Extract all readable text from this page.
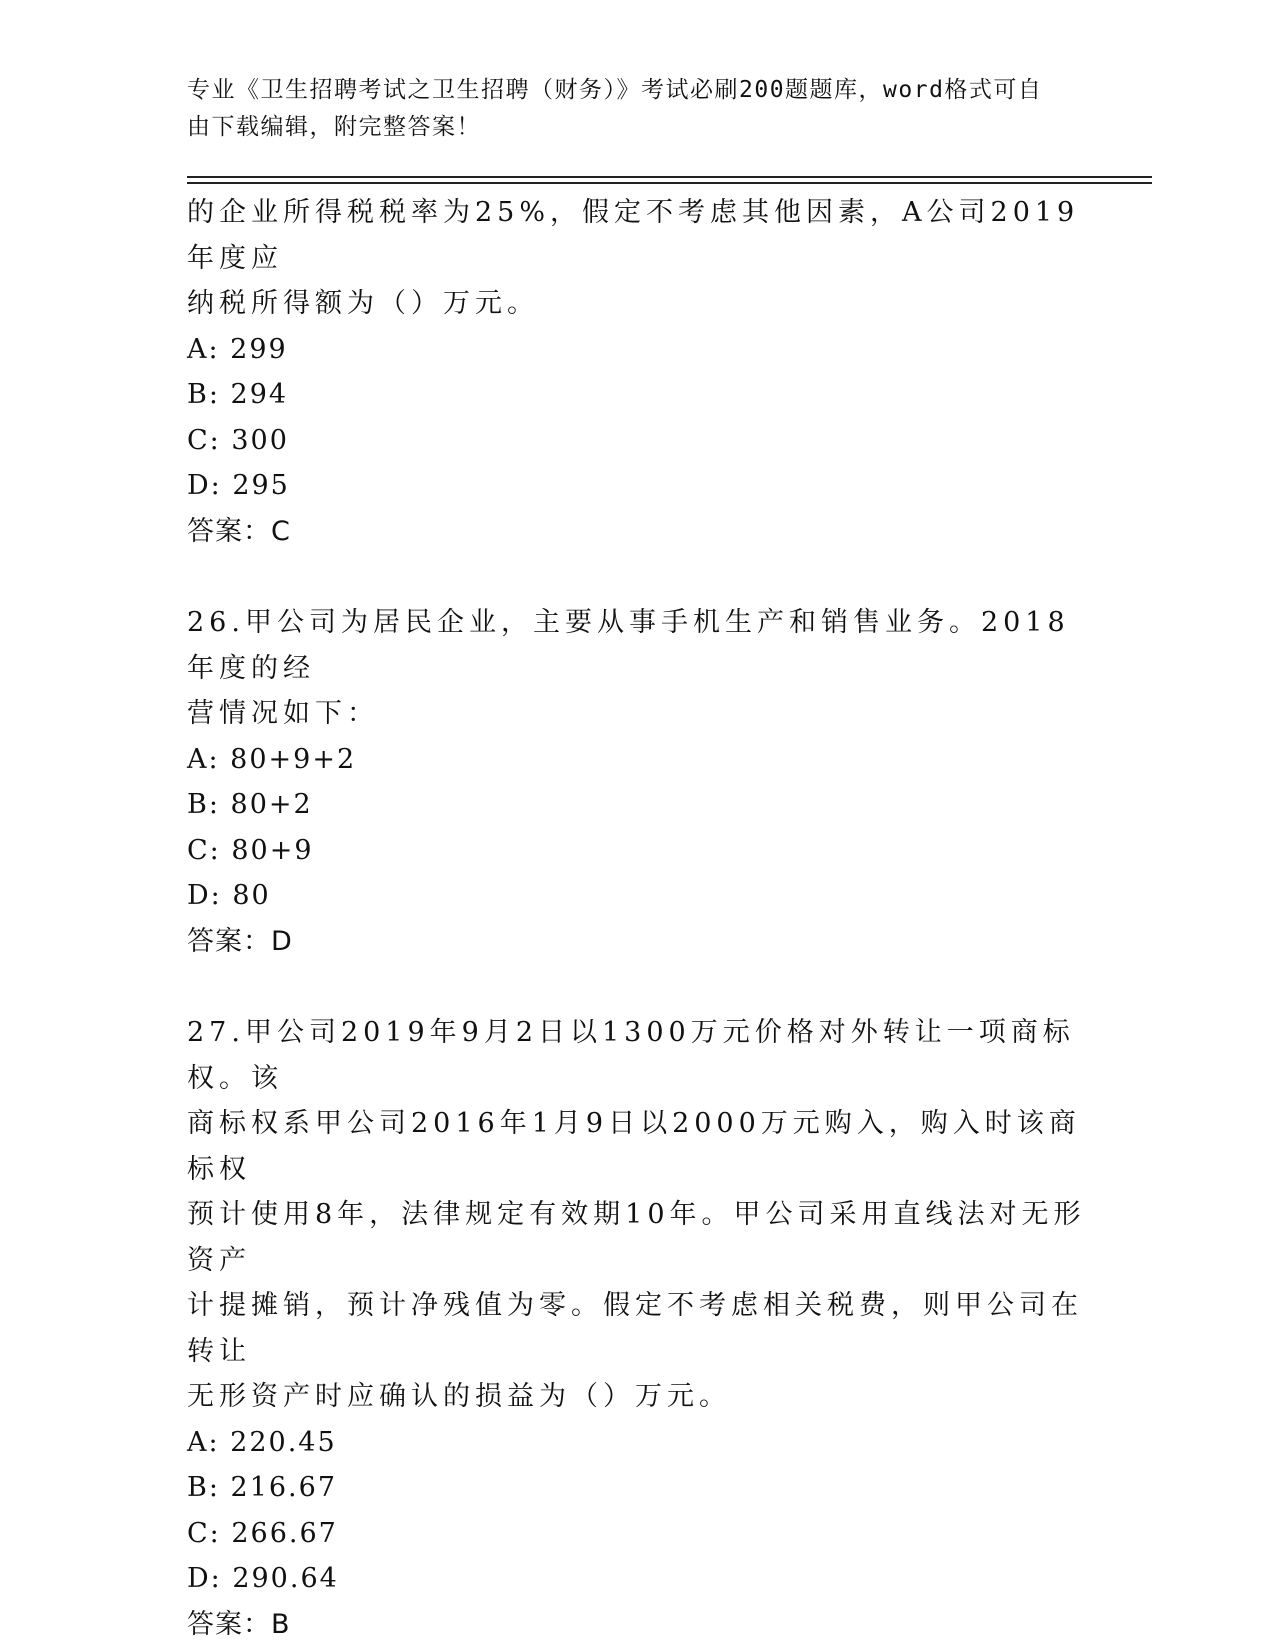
专业《卫生招聘考试之卫生招聘（财务）》考试必刷200题题库，word格式可自
由下载编辑，附完整答案！

的企业所得税税率为25%，假定不考虑其他因素，A公司2019年度应

纳税所得额为（）万元。

A: 299

B: 294

C: 300

D: 295

答案：C

26.甲公司为居民企业，主要从事手机生产和销售业务。2018年度的经

营情况如下：

A: 80+9+2

B: 80+2

C: 80+9

D: 80

答案：D

27.甲公司2019年9月2日以1300万元价格对外转让一项商标权。该

商标权系甲公司2016年1月9日以2000万元购入，购入时该商标权

预计使用8年，法律规定有效期10年。甲公司采用直线法对无形资产

计提摊销，预计净残值为零。假定不考虑相关税费，则甲公司在转让

无形资产时应确认的损益为（）万元。

A: 220.45

B: 216.67

C: 266.67

D: 290.64

答案：B
